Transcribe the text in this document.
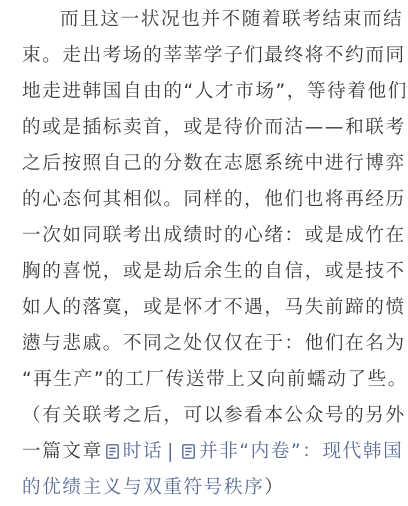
而且这一状况也并不随着联考结束而结
束。走出考场的莘莘学子们最终将不约而同
地走进韩国自由的“人才市场”，等待着他们
的或是插标卖首，或是待价而沽——和联考
之后按照自己的分数在志愿系统中进行博弈
的心态何其相似。同样的，他们也将再经历
一次如同联考出成绩时的心绪：或是成竹在
胸的喜悦，或是劫后余生的自信，或是技不
如人的落寞，或是怀才不遇，马失前蹄的愤
懑与悲戚。不同之处仅仅在于：他们在名为
“再生产”的工厂传送带上又向前蠕动了些。
（有关联考之后，可以参看本公众号的另外
一篇文章 时话 | 并非“内卷”：现代韩国
的优绩主义与双重符号秩序）
